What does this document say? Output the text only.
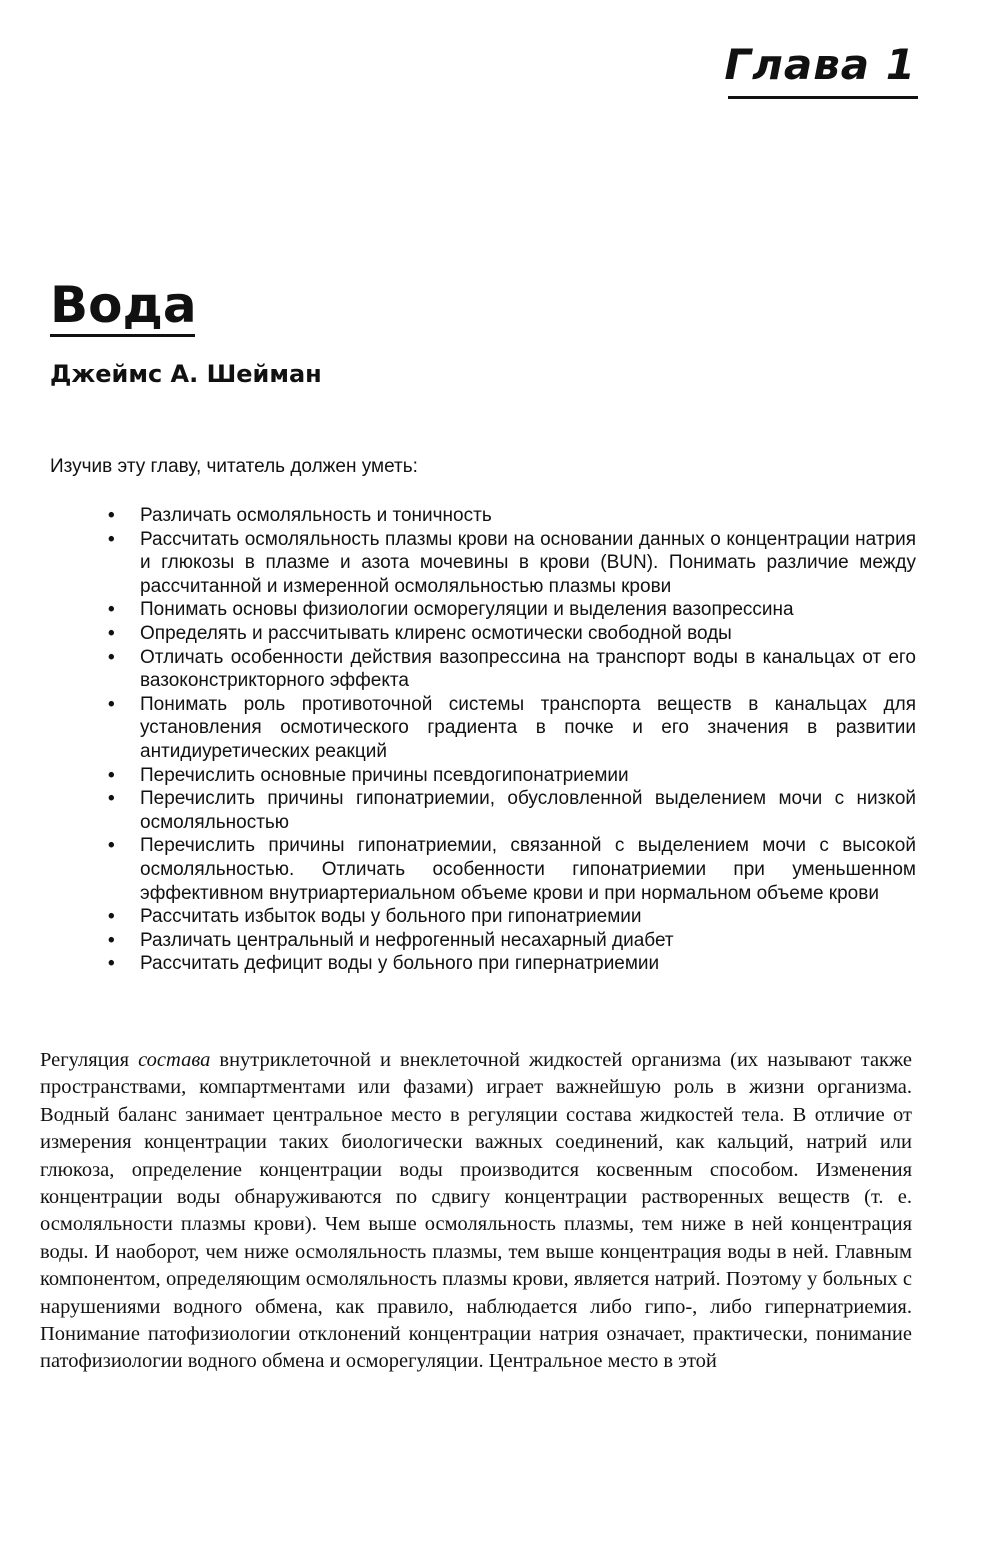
Глава 1
Вода
Джеймс А. Шейман
Изучив эту главу, читатель должен уметь:
• Различать осмоляльность и тоничность
• Рассчитать осмоляльность плазмы крови на основании данных о концентрации натрия и глюкозы в плазме и азота мочевины в крови (BUN). Понимать различие между рассчитанной и измеренной осмоляльностью плазмы крови
• Понимать основы физиологии осморегуляции и выделения вазопрессина
• Определять и рассчитывать клиренс осмотически свободной воды
• Отличать особенности действия вазопрессина на транспорт воды в канальцах от его вазоконстрикторного эффекта
• Понимать роль противоточной системы транспорта веществ в канальцах для установления осмотического градиента в почке и его значения в развитии антидиуретических реакций
• Перечислить основные причины псевдогипонатриемии
• Перечислить причины гипонатриемии, обусловленной выделением мочи с низкой осмоляльностью
• Перечислить причины гипонатриемии, связанной с выделением мочи с высокой осмоляльностью. Отличать особенности гипонатриемии при уменьшенном эффективном внутриартериальном объеме крови и при нормальном объеме крови
• Рассчитать избыток воды у больного при гипонатриемии
• Различать центральный и нефрогенный несахарный диабет
• Рассчитать дефицит воды у больного при гипернатриемии

Регуляция состава внутриклеточной и внеклеточной жидкостей организма (их называют также пространствами, компартментами или фазами) играет важнейшую роль в жизни организма. Водный баланс занимает центральное место в регуляции состава жидкостей тела. В отличие от измерения концентрации таких биологически важных соединений, как кальций, натрий или глюкоза, определение концентрации воды производится косвенным способом. Изменения концентрации воды обнаруживаются по сдвигу концентрации растворенных веществ (т. е. осмоляльности плазмы крови). Чем выше осмоляльность плазмы, тем ниже в ней концентрация воды. И наоборот, чем ниже осмоляльность плазмы, тем выше концентрация воды в ней. Главным компонентом, определяющим осмоляльность плазмы крови, является натрий. Поэтому у больных с нарушениями водного обмена, как правило, наблюдается либо гипо-, либо гипернатриемия. Понимание патофизиологии отклонений концентрации натрия означает, практически, понимание патофизиологии водного обмена и осморегуляции. Центральное место в этой
